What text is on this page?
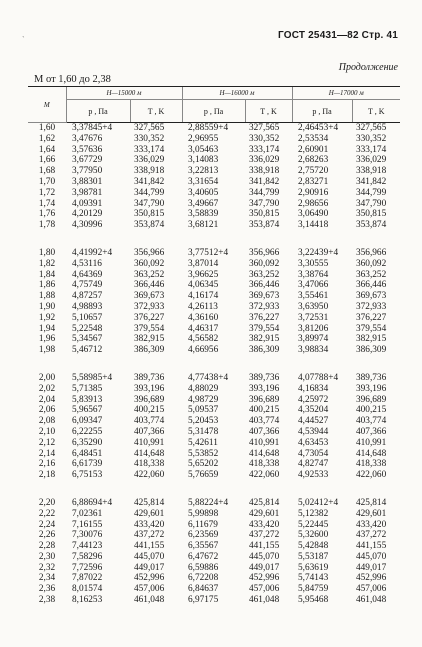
`	ГОСТ 25431—82 Стр. 41
Продолжение
М от 1,60 до 2,38
М	H—15000 м		H—16000 м		H—17000 м	
	p , Па	T , K	p , Па	T , K	p , Па	T , K
1,60	3,37845+4	327,565	2,88559+4	327,565	2,46453+4	327,565
1,62	3,47676	330,352	2,96955	330,352	2,53534	330,352
1,64	3,57636	333,174	3,05463	333,174	2,60901	333,174
1,66	3,67729	336,029	3,14083	336,029	2,68263	336,029
1,68	3,77950	338,918	3,22813	338,918	2,75720	338,918
1,70	3,88301	341,842	3,31654	341,842	2,83271	341,842
1,72	3,98781	344,799	3,40605	344,799	2,90916	344,799
1,74	4,09391	347,790	3,49667	347,790	2,98656	347,790
1,76	4,20129	350,815	3,58839	350,815	3,06490	350,815
1,78	4,30996	353,874	3,68121	353,874	3,14418	353,874

1,80	4,41992+4	356,966	3,77512+4	356,966	3,22439+4	356,966
1,82	4,53116	360,092	3,87014	360,092	3,30555	360,092
1,84	4,64369	363,252	3,96625	363,252	3,38764	363,252
1,86	4,75749	366,446	4,06345	366,446	3,47066	366,446
1,88	4,87257	369,673	4,16174	369,673	3,55461	369,673
1,90	4,98893	372,933	4,26113	372,933	3,63950	372,933
1,92	5,10657	376,227	4,36160	376,227	3,72531	376,227
1,94	5,22548	379,554	4,46317	379,554	3,81206	379,554
1,96	5,34567	382,915	4,56582	382,915	3,89974	382,915
1,98	5,46712	386,309	4,66956	386,309	3,98834	386,309

2,00	5,58985+4	389,736	4,77438+4	389,736	4,07788+4	389,736
2,02	5,71385	393,196	4,88029	393,196	4,16834	393,196
2,04	5,83913	396,689	4,98729	396,689	4,25972	396,689
2,06	5,96567	400,215	5,09537	400,215	4,35204	400,215
2,08	6,09347	403,774	5,20453	403,774	4,44527	403,774
2,10	6,22255	407,366	5,31478	407,366	4,53944	407,366
2,12	6,35290	410,991	5,42611	410,991	4,63453	410,991
2,14	6,48451	414,648	5,53852	414,648	4,73054	414,648
2,16	6,61739	418,338	5,65202	418,338	4,82747	418,338
2,18	6,75153	422,060	5,76659	422,060	4,92533	422,060

2,20	6,88694+4	425,814	5,88224+4	425,814	5,02412+4	425,814
2,22	7,02361	429,601	5,99898	429,601	5,12382	429,601
2,24	7,16155	433,420	6,11679	433,420	5,22445	433,420
2,26	7,30076	437,272	6,23569	437,272	5,32600	437,272
2,28	7,44123	441,155	6,35567	441,155	5,42848	441,155
2,30	7,58296	445,070	6,47672	445,070	5,53187	445,070
2,32	7,72596	449,017	6,59886	449,017	5,63619	449,017
2,34	7,87022	452,996	6,72208	452,996	5,74143	452,996
2,36	8,01574	457,006	6,84637	457,006	5,84759	457,006
2,38	8,16253	461,048	6,97175	461,048	5,95468	461,048
